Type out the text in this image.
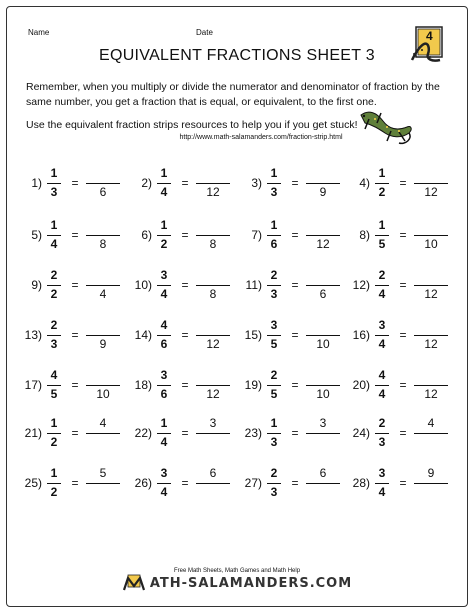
Name	Date
EQUIVALENT FRACTIONS SHEET 3
4
Remember, when you multiply or divide the numerator and denominator of fraction by the
same number, you get a fraction that is equal, or equivalent, to the first one.
Use the equivalent fraction strips resources to help you if you get stuck!
http://www.math-salamanders.com/fraction-strip.html
1)
1
3
=
6
2)
1
4
=
12
3)
1
3
=
9
4)
1
2
=
12
5)
1
4
=
8
6)
1
2
=
8
7)
1
6
=
12
8)
1
5
=
10
9)
2
2
=
4
10)
3
4
=
8
11)
2
3
=
6
12)
2
4
=
12
13)
2
3
=
9
14)
4
6
=
12
15)
3
5
=
10
16)
3
4
=
12
17)
4
5
=
10
18)
3
6
=
12
19)
2
5
=
10
20)
4
4
=
12
21)
1
2
=
4
22)
1
4
=
3
23)
1
3
=
3
24)
2
3
=
4
25)
1
2
=
5
26)
3
4
=
6
27)
2
3
=
6
28)
3
4
=
9
Free Math Sheets, Math Games and Math Help
ATH-SALAMANDERS.COM
